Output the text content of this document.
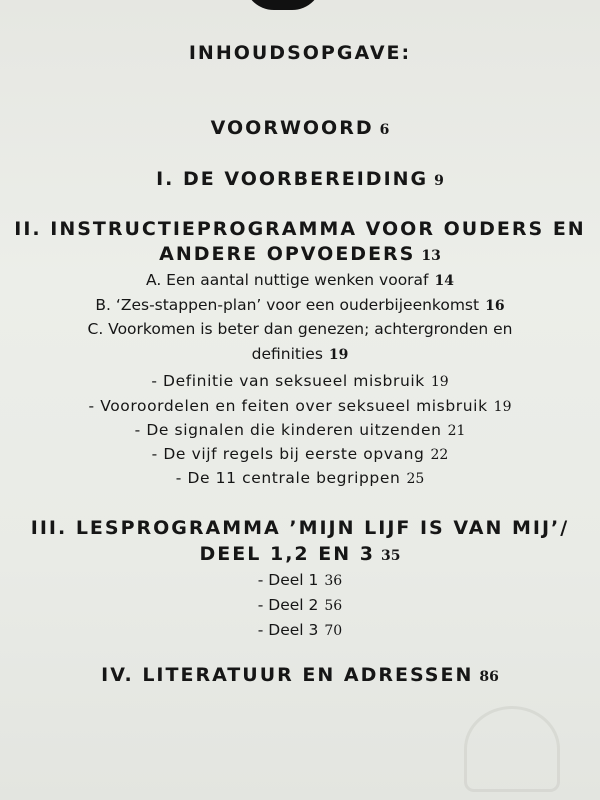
INHOUDSOPGAVE:
VOORWOORD 6
I. DE VOORBEREIDING 9
II. INSTRUCTIEPROGRAMMA VOOR OUDERS EN
ANDERE OPVOEDERS 13
A. Een aantal nuttige wenken vooraf 14
B. ‘Zes-stappen-plan’ voor een ouderbijeenkomst 16
C. Voorkomen is beter dan genezen; achtergronden en
definities 19
- Definitie van seksueel misbruik 19
- Vooroordelen en feiten over seksueel misbruik 19
- De signalen die kinderen uitzenden 21
- De vijf regels bij eerste opvang 22
- De 11 centrale begrippen 25
III. LESPROGRAMMA ’MIJN LIJF IS VAN MIJ’/
DEEL 1,2 EN 3 35
- Deel 1 36
- Deel 2 56
- Deel 3 70
IV. LITERATUUR EN ADRESSEN 86
